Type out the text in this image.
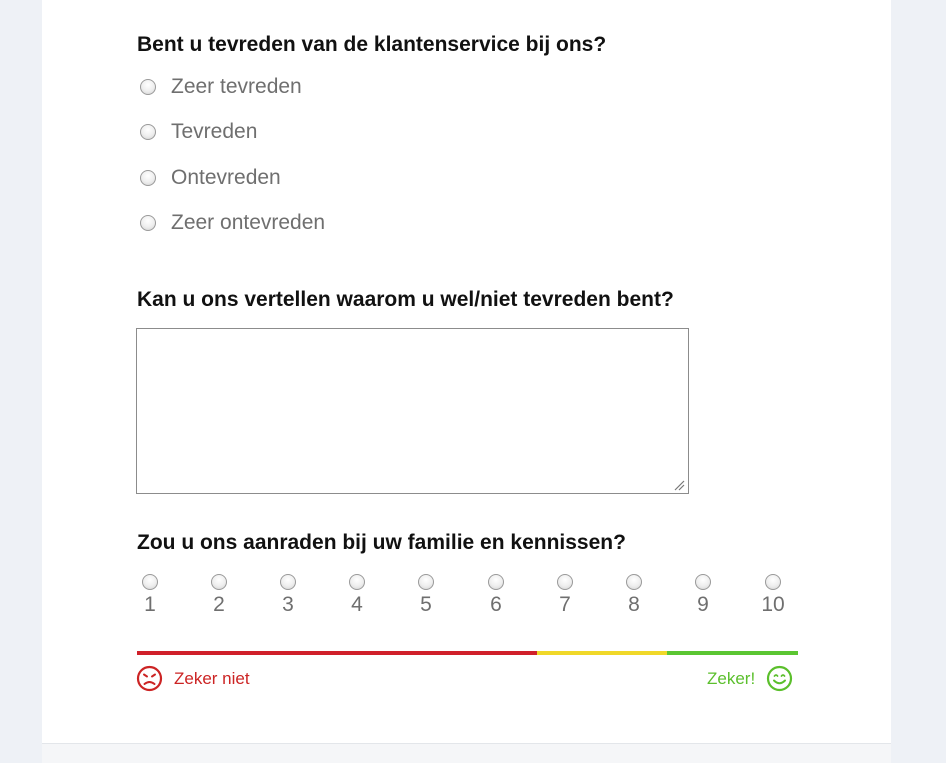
Bent u tevreden van de klantenservice bij ons?
Zeer tevreden
Tevreden
Ontevreden
Zeer ontevreden
Kan u ons vertellen waarom u wel/niet tevreden bent?
Zou u ons aanraden bij uw familie en kennissen?
1	2	3	4	5	6	7	8	9 10
Zeker niet	Zeker!
